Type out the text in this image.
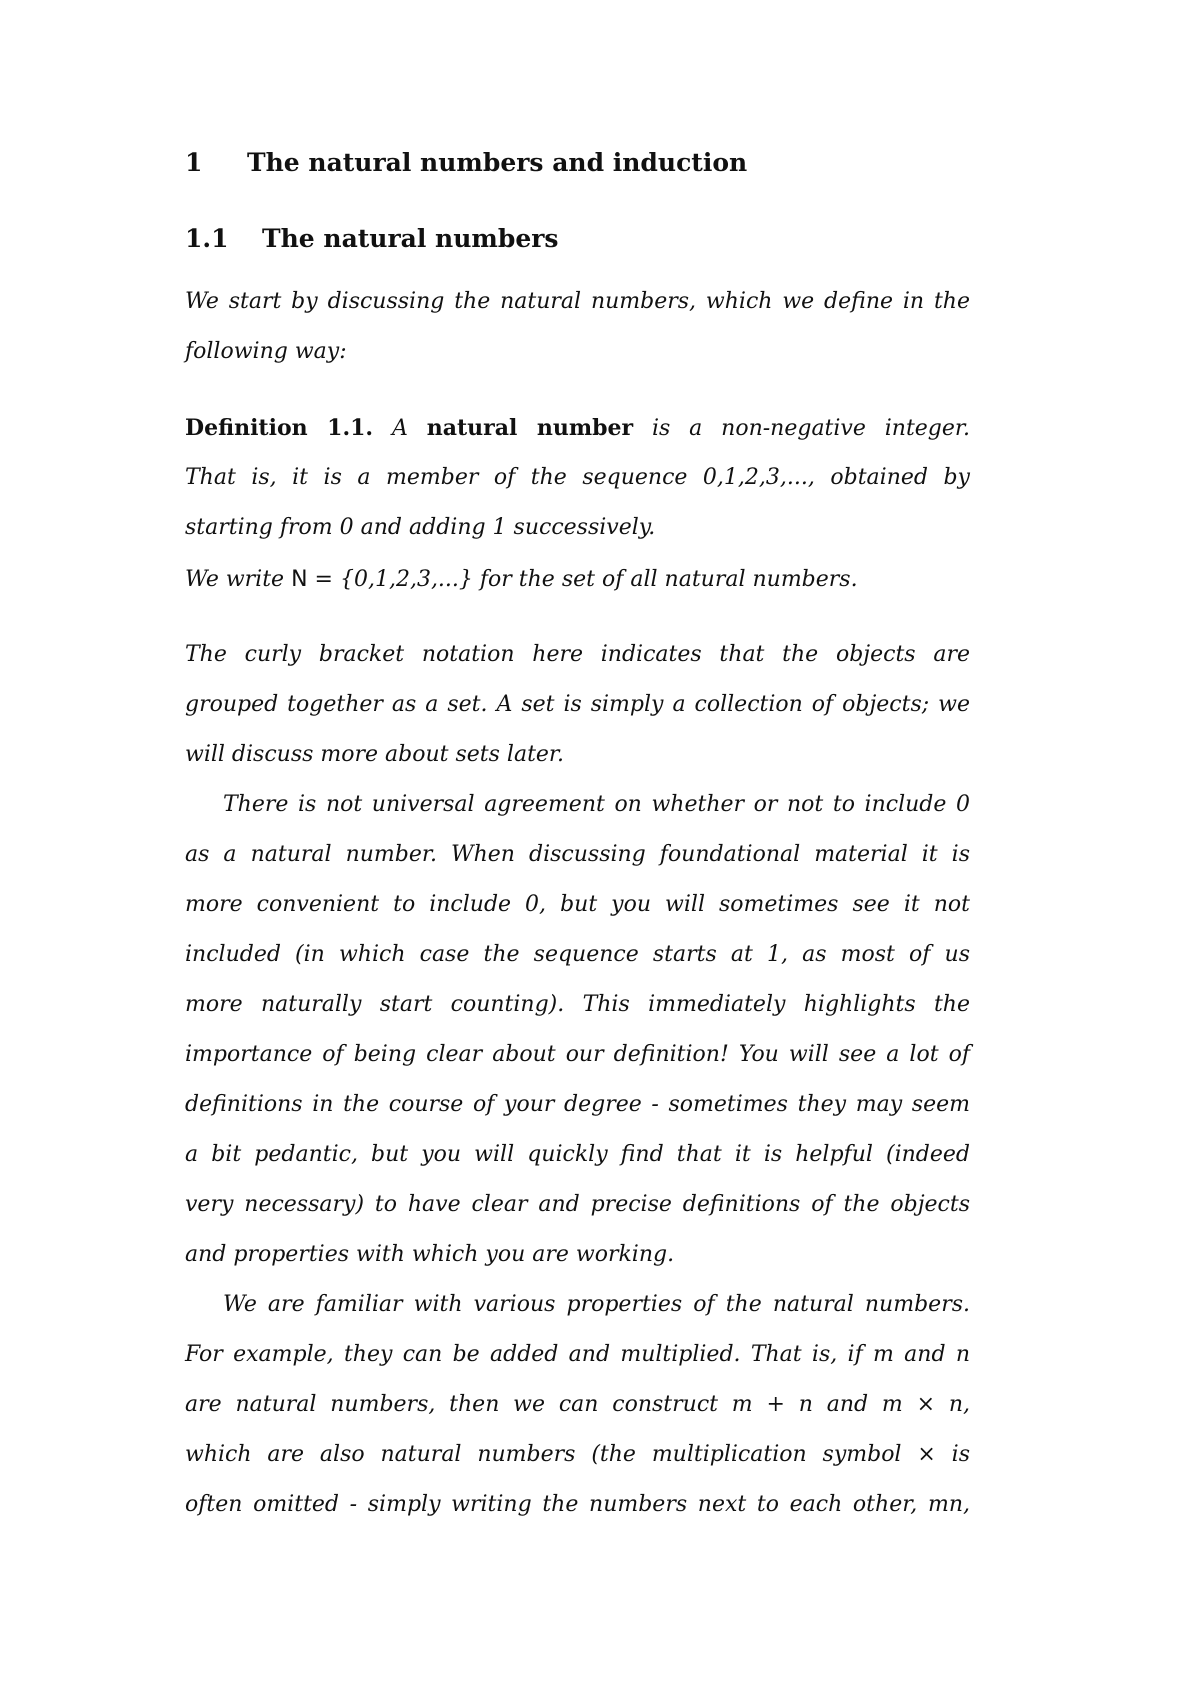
1 The natural numbers and induction
1.1 The natural numbers
We start by discussing the natural numbers, which we define in the
following way:
Definition 1.1. A natural number is a non-negative integer.
That is, it is a member of the sequence 0,1,2,3,..., obtained by
starting from 0 and adding 1 successively.
We write N = {0,1,2,3,...} for the set of all natural numbers.
The curly bracket notation here indicates that the objects are
grouped together as a set. A set is simply a collection of objects; we
will discuss more about sets later.
There is not universal agreement on whether or not to include 0
as a natural number. When discussing foundational material it is
more convenient to include 0, but you will sometimes see it not
included (in which case the sequence starts at 1, as most of us
more naturally start counting). This immediately highlights the
importance of being clear about our definition! You will see a lot of
definitions in the course of your degree - sometimes they may seem
a bit pedantic, but you will quickly find that it is helpful (indeed
very necessary) to have clear and precise definitions of the objects
and properties with which you are working.
We are familiar with various properties of the natural numbers.
For example, they can be added and multiplied. That is, if m and n
are natural numbers, then we can construct m + n and m × n,
which are also natural numbers (the multiplication symbol × is
often omitted - simply writing the numbers next to each other, mn,
